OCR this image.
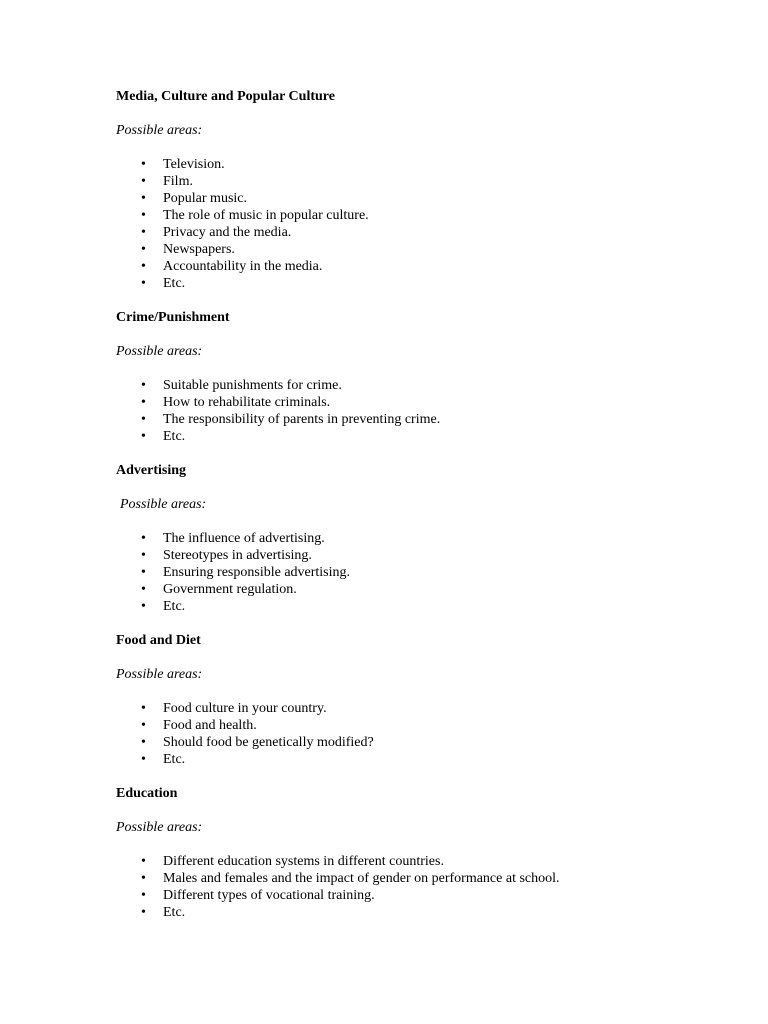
Media, Culture and Popular Culture
Possible areas:
• Television.
• Film.
• Popular music.
• The role of music in popular culture.
• Privacy and the media.
• Newspapers.
• Accountability in the media.
• Etc.
Crime/Punishment
Possible areas:
• Suitable punishments for crime.
• How to rehabilitate criminals.
• The responsibility of parents in preventing crime.
• Etc.
Advertising
Possible areas:
• The influence of advertising.
• Stereotypes in advertising.
• Ensuring responsible advertising.
• Government regulation.
• Etc.
Food and Diet
Possible areas:
• Food culture in your country.
• Food and health.
• Should food be genetically modified?
• Etc.
Education
Possible areas:
• Different education systems in different countries.
• Males and females and the impact of gender on performance at school.
• Different types of vocational training.
• Etc.
